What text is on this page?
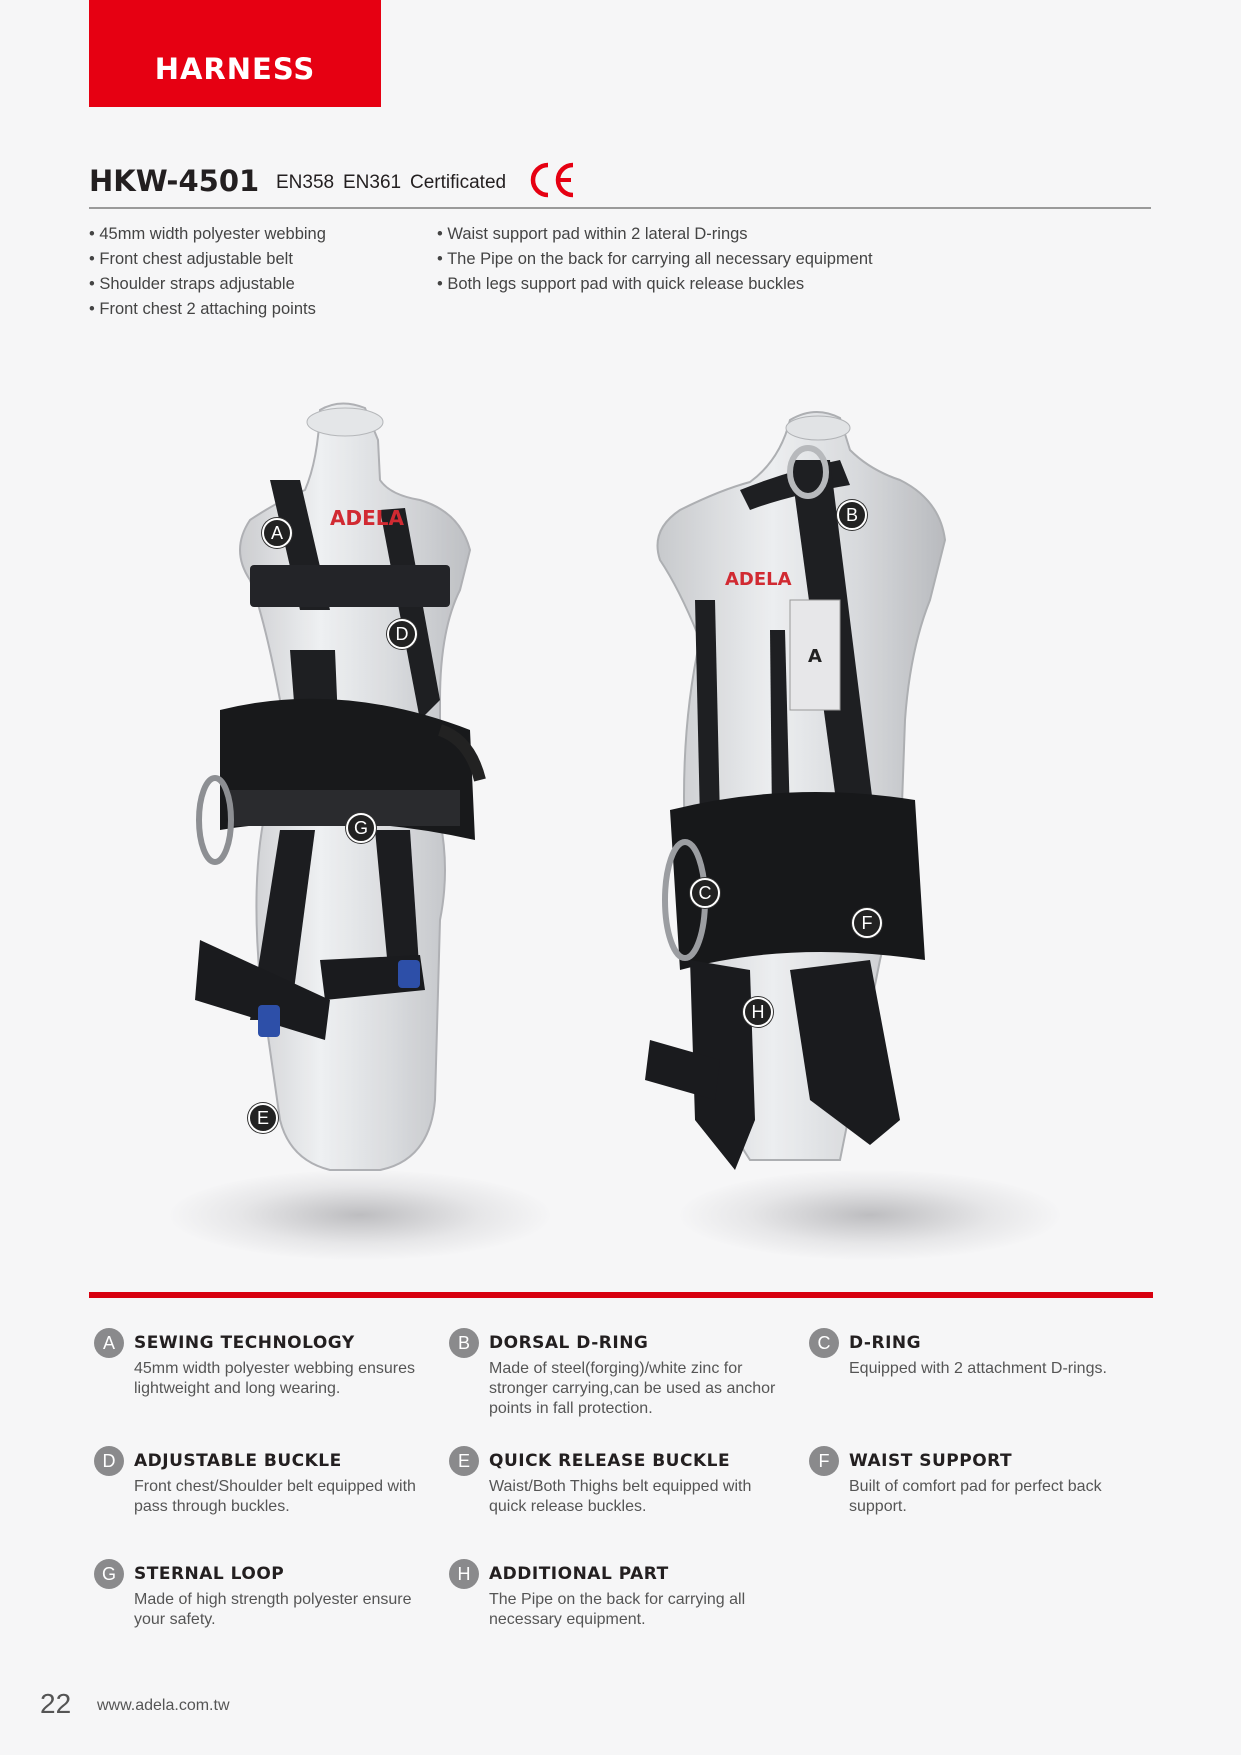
HARNESS
HKW-4501 EN358 EN361 Certificated
• 45mm width polyester webbing
• Front chest adjustable belt
• Shoulder straps adjustable
• Front chest 2 attaching points
• Waist support pad within 2 lateral D-rings
• The Pipe on the back for carrying all necessary equipment
• Both legs support pad with quick release buckles
ADELA
A
ADELA
A
D
G
E
B
C
F
H
A	SEWING TECHNOLOGY

45mm width polyester webbing ensures lightweight and long wearing.

B	DORSAL D-RING

Made of steel(forging)/white zinc for stronger carrying,can be used as anchor points in fall protection.

C	D-RING

Equipped with 2 attachment D-rings.

D	ADJUSTABLE BUCKLE

Front chest/Shoulder belt equipped with pass through buckles.

E	QUICK RELEASE BUCKLE

Waist/Both Thighs belt equipped with quick release buckles.

F	WAIST SUPPORT

Built of comfort pad for perfect back support.

G	STERNAL LOOP

Made of high strength polyester ensure your safety.

H	ADDITIONAL PART

The Pipe on the back for carrying all necessary equipment.

22 www.adela.com.tw
